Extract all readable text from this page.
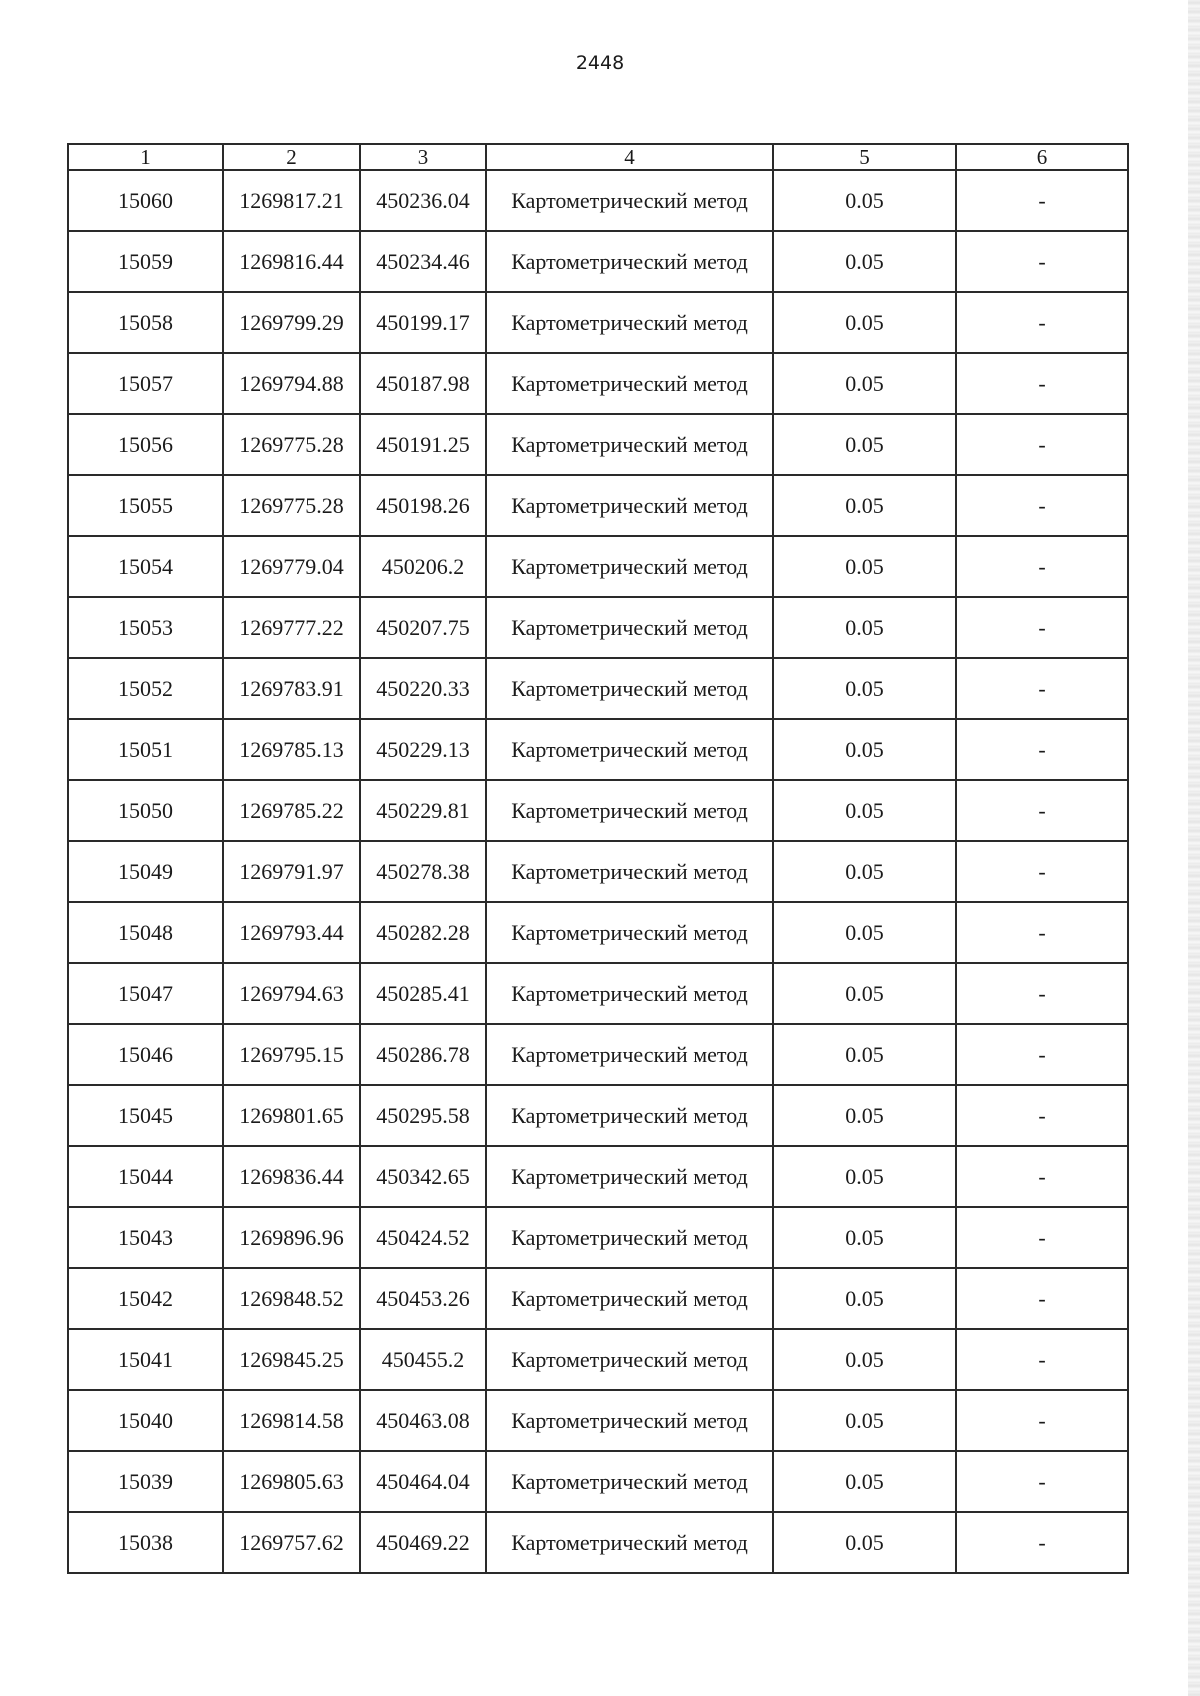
2448
1	2	3	4	5	6
15060	1269817.21	450236.04	Картометрический метод	0.05	-
15059	1269816.44	450234.46	Картометрический метод	0.05	-
15058	1269799.29	450199.17	Картометрический метод	0.05	-
15057	1269794.88	450187.98	Картометрический метод	0.05	-
15056	1269775.28	450191.25	Картометрический метод	0.05	-
15055	1269775.28	450198.26	Картометрический метод	0.05	-
15054	1269779.04	450206.2	Картометрический метод	0.05	-
15053	1269777.22	450207.75	Картометрический метод	0.05	-
15052	1269783.91	450220.33	Картометрический метод	0.05	-
15051	1269785.13	450229.13	Картометрический метод	0.05	-
15050	1269785.22	450229.81	Картометрический метод	0.05	-
15049	1269791.97	450278.38	Картометрический метод	0.05	-
15048	1269793.44	450282.28	Картометрический метод	0.05	-
15047	1269794.63	450285.41	Картометрический метод	0.05	-
15046	1269795.15	450286.78	Картометрический метод	0.05	-
15045	1269801.65	450295.58	Картометрический метод	0.05	-
15044	1269836.44	450342.65	Картометрический метод	0.05	-
15043	1269896.96	450424.52	Картометрический метод	0.05	-
15042	1269848.52	450453.26	Картометрический метод	0.05	-
15041	1269845.25	450455.2	Картометрический метод	0.05	-
15040	1269814.58	450463.08	Картометрический метод	0.05	-
15039	1269805.63	450464.04	Картометрический метод	0.05	-
15038	1269757.62	450469.22	Картометрический метод	0.05	-
